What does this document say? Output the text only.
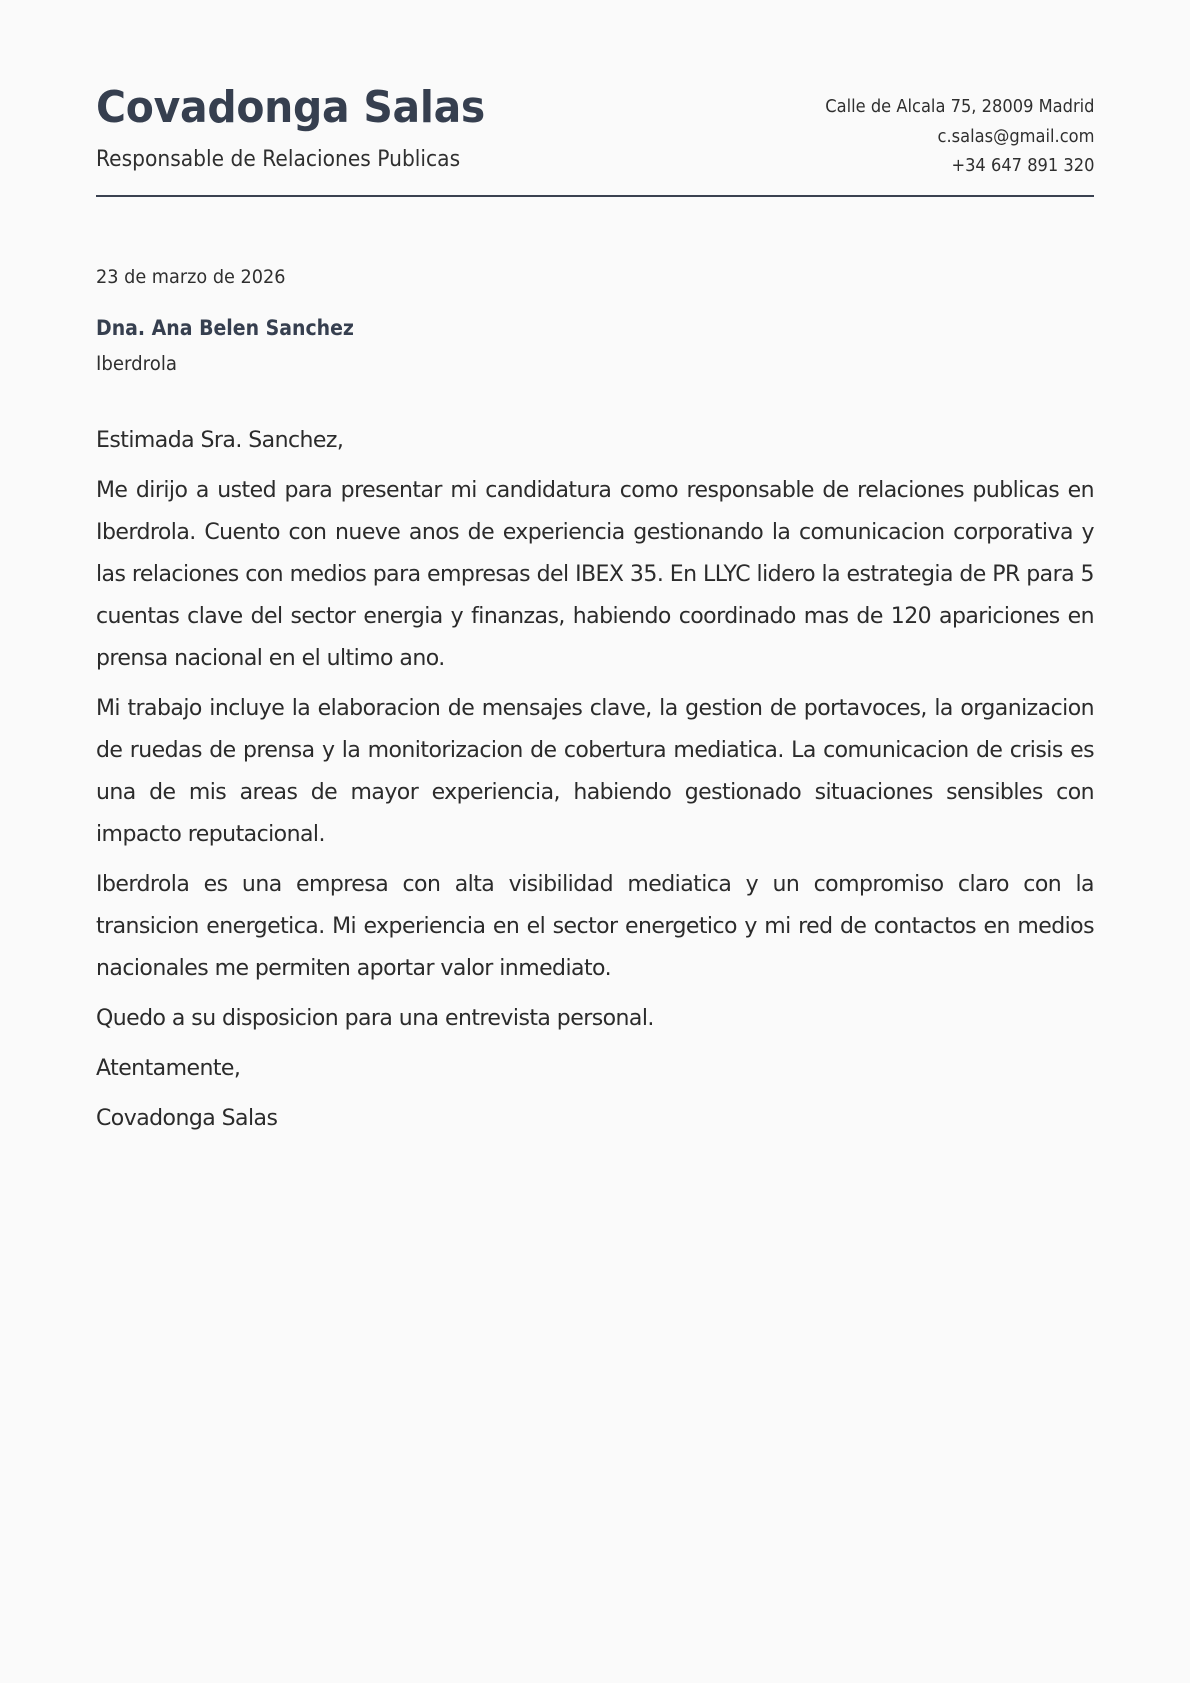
Covadonga Salas
Responsable de Relaciones Publicas
Calle de Alcala 75, 28009 Madrid
c.salas@gmail.com
+34 647 891 320
23 de marzo de 2026
Dna. Ana Belen Sanchez
Iberdrola

Estimada Sra. Sanchez,

Me dirijo a usted para presentar mi candidatura como responsable de relaciones publicas en Iberdrola. Cuento con nueve anos de experiencia gestionando la comunicacion corporativa y las relaciones con medios para empresas del IBEX 35. En LLYC lidero la estrategia de PR para 5 cuentas clave del sector energia y finanzas, habiendo coordinado mas de 120 apariciones en prensa nacional en el ultimo ano.

Mi trabajo incluye la elaboracion de mensajes clave, la gestion de portavoces, la organizacion de ruedas de prensa y la monitorizacion de cobertura mediatica. La comunicacion de crisis es una de mis areas de mayor experiencia, habiendo gestionado situaciones sensibles con impacto reputacional.

Iberdrola es una empresa con alta visibilidad mediatica y un compromiso claro con la transicion energetica. Mi experiencia en el sector energetico y mi red de contactos en medios nacionales me permiten aportar valor inmediato.

Quedo a su disposicion para una entrevista personal.

Atentamente,

Covadonga Salas
